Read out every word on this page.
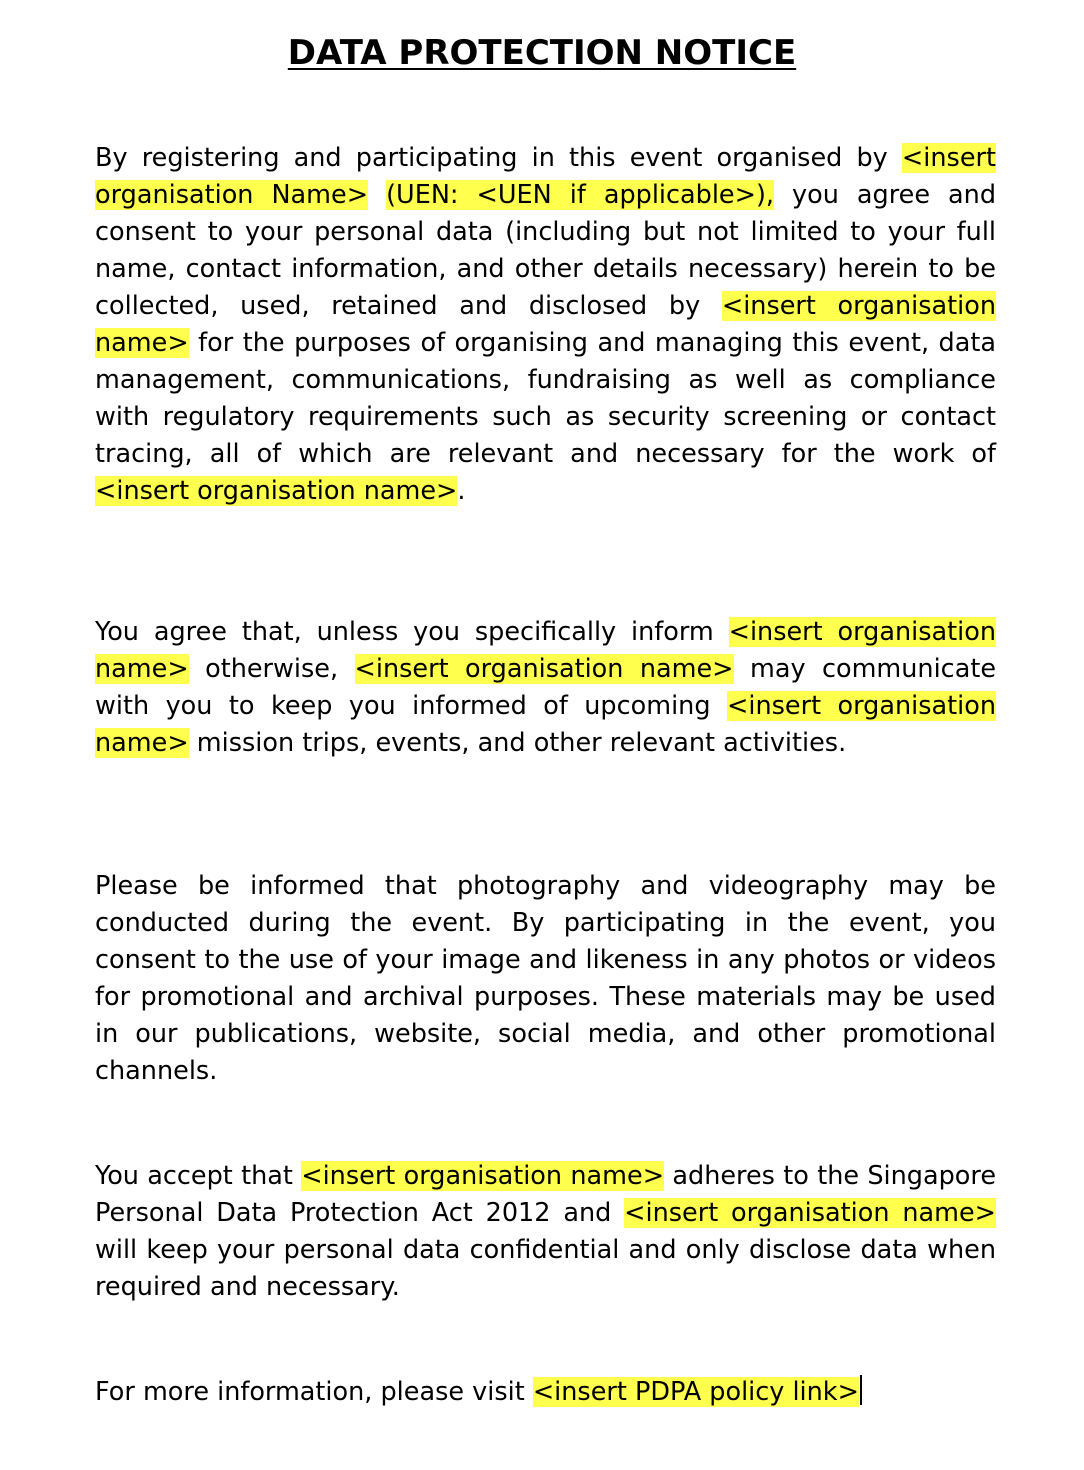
DATA PROTECTION NOTICE

By registering and participating in this event organised by <insert organisation Name> (UEN: <UEN if applicable>), you agree and consent to your personal data (including but not limited to your full name, contact information, and other details necessary) herein to be collected, used, retained and disclosed by <insert organisation name> for the purposes of organising and managing this event, data management, communications, fundraising as well as compliance with regulatory requirements such as security screening or contact tracing, all of which are relevant and necessary for the work of <insert organisation name>.

You agree that, unless you specifically inform <insert organisation name> otherwise, <insert organisation name> may communicate with you to keep you informed of upcoming <insert organisation name> mission trips, events, and other relevant activities.

Please be informed that photography and videography may be conducted during the event. By participating in the event, you consent to the use of your image and likeness in any photos or videos for promotional and archival purposes. These materials may be used in our publications, website, social media, and other promotional channels.

You accept that <insert organisation name> adheres to the Singapore Personal Data Protection Act 2012 and <insert organisation name> will keep your personal data confidential and only disclose data when required and necessary.

For more information, please visit <insert PDPA policy link>
